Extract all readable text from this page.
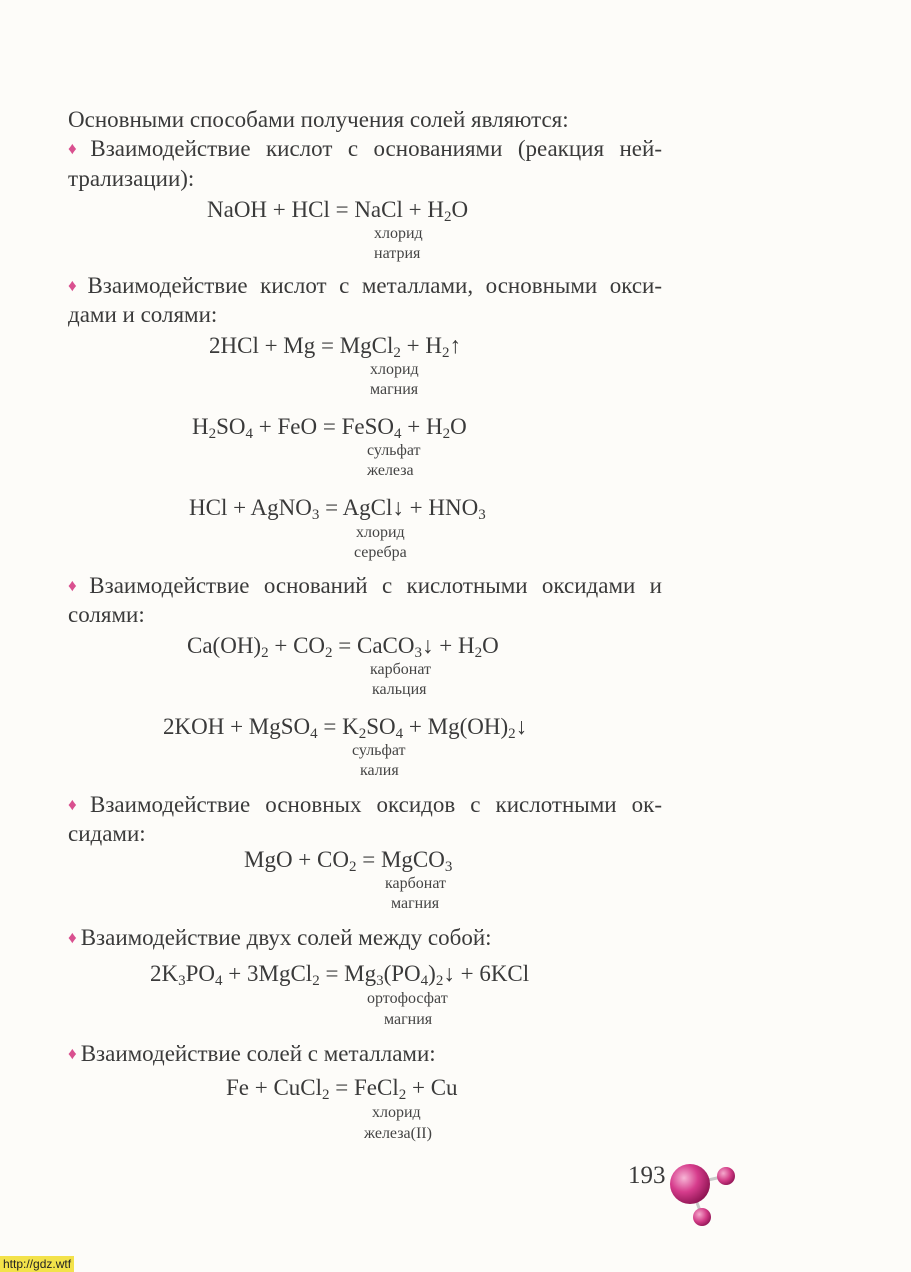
Основными способами получения солей являются:
♦ Взаимодействие кислот с основаниями (реакция ней-
трализации):
NaOH + HCl = NaCl + $H_2O$
хлорид
натрия
♦ Взаимодействие кислот с металлами, основными окси-
дами и солями:
2HCl + Mg = MgCl$_2$ + $H_2↑$
хлорид
магния
$H_2SO_4$ + FeO = FeSO$_4$ + $H_2O$
сульфат
железа
HCl + AgNO$_3$ = AgCl↓ + $HNO_3$
хлорид
серебра
♦ Взаимодействие оснований с кислотными оксидами и
солями:
$Ca(OH)_2 + CO_2$ = CaCO$_3$↓ + $H_2O$
карбонат
кальция
2KOH + MgSO$_4$ = $K_2SO_4$ + $Mg(OH)_2↓$
сульфат
калия
♦ Взаимодействие основных оксидов с кислотными ок-
сидами:
MgO + $CO_2$ = MgCO$_3$
карбонат
магния
♦ Взаимодействие двух солей между собой:
$2K_3PO_4$ + 3MgCl$_2$ = $Mg_3(PO_4)_2↓ + 6KCl$
ортофосфат
магния
♦ Взаимодействие солей с металлами:
Fe + CuCl$_2$ = FeCl$_2$ + Cu
хлорид
железа(II)
193
http://gdz.wtf
